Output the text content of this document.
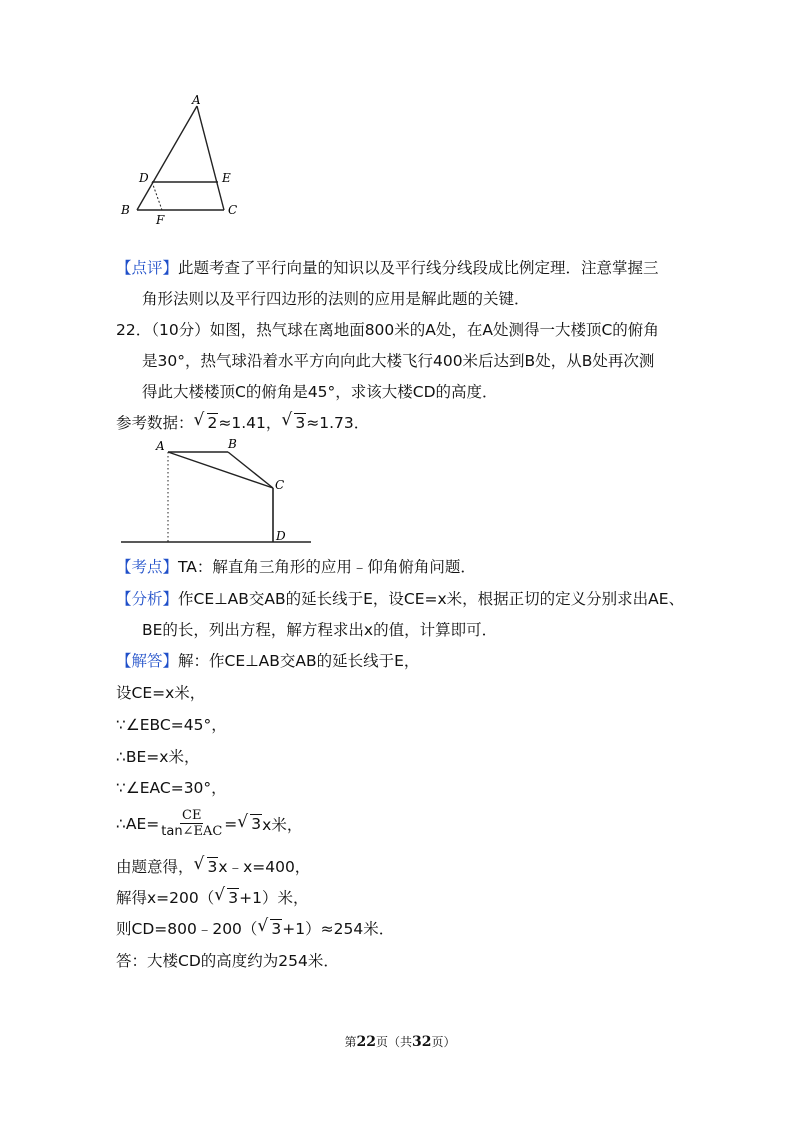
A
D	E
B
F
C
【点评】此题考查了平行向量的知识以及平行线分线段成比例定理．注意掌握三
角形法则以及平行四边形的法则的应用是解此题的关键．
22．（10分）如图，热气球在离地面800米的A处，在A处测得一大楼顶C的俯角
是30°，热气球沿着水平方向向此大楼飞行400米后达到B处，从B处再次测
得此大楼楼顶C的俯角是45°，求该大楼CD的高度．
参考数据： √ 2≈1.41， √ 3≈1.73．
A	B
C
D
【考点】TA：解直角三角形的应用﹣仰角俯角问题．
【分析】作CE⊥AB交AB的延长线于E，设CE=x米，根据正切的定义分别求出AE、
BE的长，列出方程，解方程求出x的值，计算即可．
【解答】解：作CE⊥AB交AB的延长线于E，
设CE=x米，
∵∠EBC=45°，
∴BE=x米，
∵∠EAC=30°，
∴AE= $\frac{CE}{\text{tan∠EAC}}$ = √ 3 x米，
由题意得， √ 3x﹣x=400，
解得x=200（ √ 3+1）米，
则CD=800﹣200（ √ 3+1）≈254米．
答：大楼CD的高度约为254米．
第22页（共32页）
